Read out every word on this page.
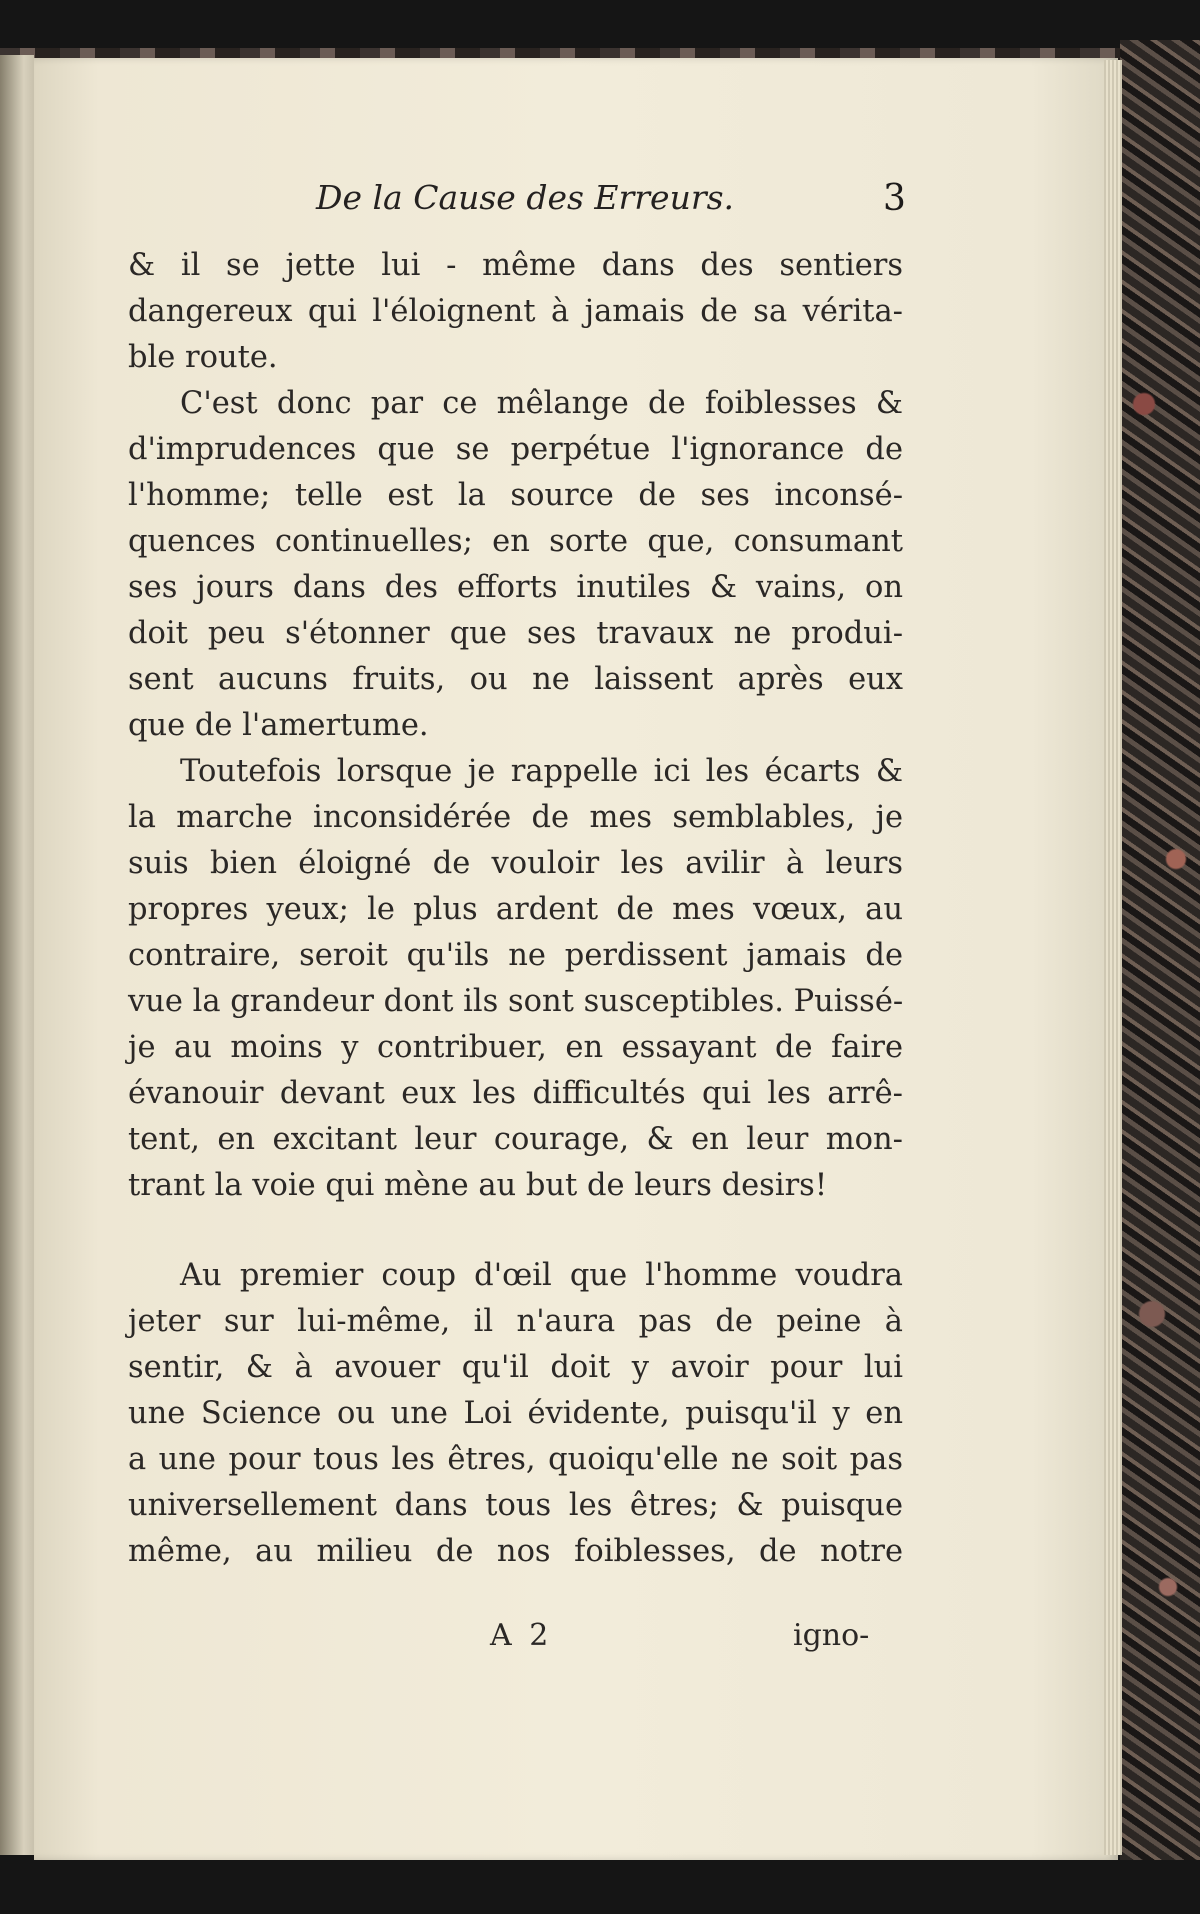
De la Cause des Erreurs.	3
& il se jette lui - même dans des sentiers
dangereux qui l'éloignent à jamais de sa vérita-
ble route.
C'est donc par ce mêlange de foiblesses &
d'imprudences que se perpétue l'ignorance de
l'homme; telle est la source de ses inconsé-
quences continuelles; en sorte que, consumant
ses jours dans des efforts inutiles & vains, on
doit peu s'étonner que ses travaux ne produi-
sent aucuns fruits, ou ne laissent après eux
que de l'amertume.
Toutefois lorsque je rappelle ici les écarts &
la marche inconsidérée de mes semblables, je
suis bien éloigné de vouloir les avilir à leurs
propres yeux; le plus ardent de mes vœux, au
contraire, seroit qu'ils ne perdissent jamais de
vue la grandeur dont ils sont susceptibles. Puissé-
je au moins y contribuer, en essayant de faire
évanouir devant eux les difficultés qui les arrê-
tent, en excitant leur courage, & en leur mon-
trant la voie qui mène au but de leurs desirs!
Au premier coup d'œil que l'homme voudra
jeter sur lui-même, il n'aura pas de peine à
sentir, & à avouer qu'il doit y avoir pour lui
une Science ou une Loi évidente, puisqu'il y en
a une pour tous les êtres, quoiqu'elle ne soit pas
universellement dans tous les êtres; & puisque
même, au milieu de nos foiblesses, de notre
A 2	igno-
